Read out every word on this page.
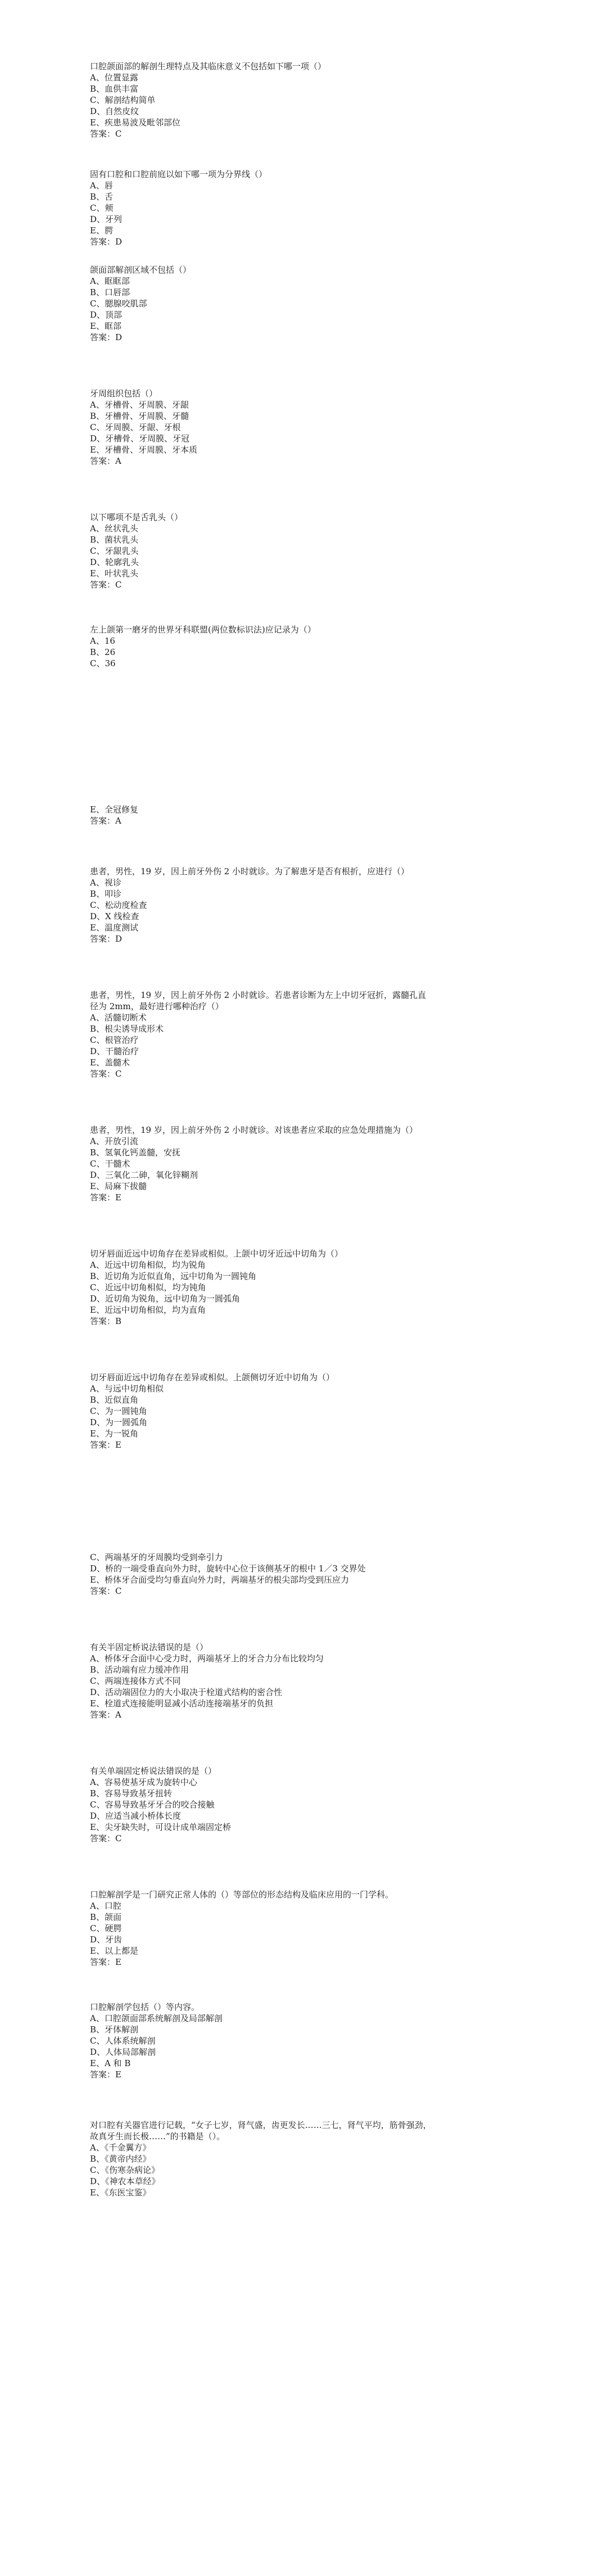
口腔颌面部的解剖生理特点及其临床意义不包括如下哪一项（）
A、位置显露
B、血供丰富
C、解剖结构简单
D、自然皮纹
E、疾患易波及毗邻部位
答案：C
固有口腔和口腔前庭以如下哪一项为分界线（）
A、唇
B、舌
C、颊
D、牙列
E、腭
答案：D
颌面部解剖区域不包括（）
A、眶眶部
B、口唇部
C、腮腺咬肌部
D、顶部
E、眶部
答案：D
牙周组织包括（）
A、牙槽骨、牙周膜、牙龈
B、牙槽骨、牙周膜、牙髓
C、牙周膜、牙龈、牙根
D、牙槽骨、牙周膜、牙冠
E、牙槽骨、牙周膜、牙本质
答案：A
以下哪项不是舌乳头（）
A、丝状乳头
B、菌状乳头
C、牙龈乳头
D、轮廓乳头
E、叶状乳头
答案：C
左上颌第一磨牙的世界牙科联盟(两位数标识法)应记录为（）
A、16
B、26
C、36
E、全冠修复
答案：A
患者，男性，19 岁，因上前牙外伤 2 小时就诊。为了解患牙是否有根折，应进行（）
A、视诊
B、叩诊
C、松动度检查
D、X 线检查
E、温度测试
答案：D
患者，男性，19 岁，因上前牙外伤 2 小时就诊。若患者诊断为左上中切牙冠折，露髓孔直
径为 2mm，最好进行哪种治疗（）
A、活髓切断术
B、根尖诱导成形术
C、根管治疗
D、干髓治疗
E、盖髓术
答案：C
患者，男性，19 岁，因上前牙外伤 2 小时就诊。对该患者应采取的应急处理措施为（）
A、开放引流
B、氢氧化钙盖髓，安抚
C、干髓术
D、三氧化二砷，氧化锌糊剂
E、局麻下拔髓
答案：E
切牙唇面近远中切角存在差异或相似。上颌中切牙近远中切角为（）
A、近远中切角相似，均为锐角
B、近切角为近似直角，远中切角为一圆钝角
C、近远中切角相似，均为钝角
D、近切角为锐角，远中切角为一圆弧角
E、近远中切角相似，均为直角
答案：B
切牙唇面近远中切角存在差异或相似。上颌侧切牙近中切角为（）
A、与远中切角相似
B、近似直角
C、为一圆钝角
D、为一圆弧角
E、为一锐角
答案：E
C、两端基牙的牙周膜均受到牵引力
D、桥的一端受垂直向外力时，旋转中心位于该侧基牙的根中 1／3 交界处
E、桥体牙合面受均匀垂直向外力时，两端基牙的根尖部均受到压应力
答案：C
有关半固定桥说法错误的是（）
A、桥体牙合面中心受力时，两端基牙上的牙合力分布比较均匀
B、活动端有应力缓冲作用
C、两端连接体方式不同
D、活动端固位力的大小取决于栓道式结构的密合性
E、栓道式连接能明显减小活动连接端基牙的负担
答案：A
有关单端固定桥说法错误的是（）
A、容易使基牙成为旋转中心
B、容易导致基牙扭转
C、容易导致基牙牙合的咬合接触
D、应适当减小桥体长度
E、尖牙缺失时，可设计成单端固定桥
答案：C
口腔解剖学是一门研究正常人体的（）等部位的形态结构及临床应用的一门学科。
A、口腔
B、颌面
C、硬腭
D、牙齿
E、以上都是
答案：E
口腔解剖学包括（）等内容。
A、口腔颌面部系统解剖及局部解剖
B、牙体解剖
C、人体系统解剖
D、人体局部解剖
E、A 和 B
答案：E
对口腔有关器官进行记载，“女子七岁，肾气盛，齿更发长……三七，肾气平均，筋骨强劲，
故真牙生而长极……”的书籍是（）。
A、《千金翼方》
B、《黄帝内经》
C、《伤寒杂病论》
D、《神农本草经》
E、《东医宝鉴》
